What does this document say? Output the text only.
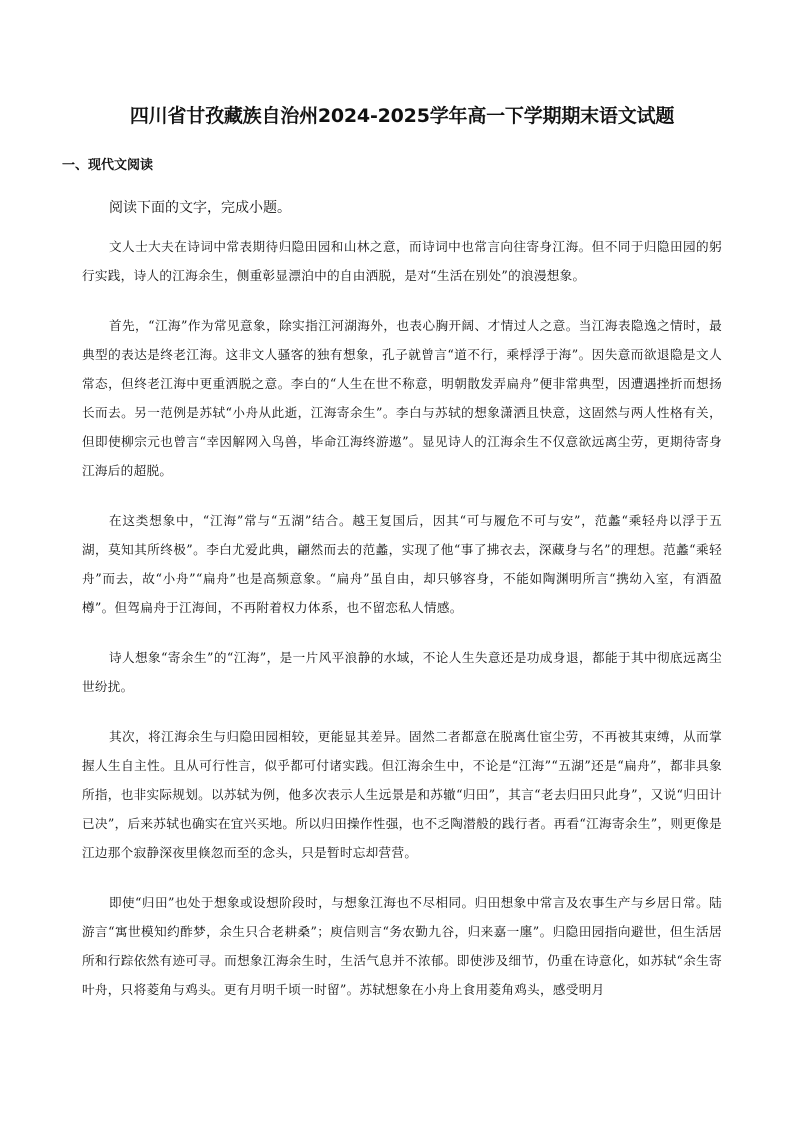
四川省甘孜藏族自治州2024-2025学年高一下学期期末语文试题
一、现代文阅读
阅读下面的文字，完成小题。

文人士大夫在诗词中常表期待归隐田园和山林之意，而诗词中也常言向往寄身江海。但不同于归隐田园的躬行实践，诗人的江海余生，侧重彰显漂泊中的自由洒脱，是对“生活在别处”的浪漫想象。

首先，“江海”作为常见意象，除实指江河湖海外，也表心胸开阔、才情过人之意。当江海表隐逸之情时，最典型的表达是终老江海。这非文人骚客的独有想象，孔子就曾言“道不行，乘桴浮于海”。因失意而欲退隐是文人常态，但终老江海中更重洒脱之意。李白的“人生在世不称意，明朝散发弄扁舟”便非常典型，因遭遇挫折而想扬长而去。另一范例是苏轼“小舟从此逝，江海寄余生”。李白与苏轼的想象潇洒且快意，这固然与两人性格有关，但即使柳宗元也曾言“幸因解网入鸟兽，毕命江海终游遨”。显见诗人的江海余生不仅意欲远离尘劳，更期待寄身江海后的超脱。

在这类想象中，“江海”常与“五湖”结合。越王复国后，因其“可与履危不可与安”，范蠡“乘轻舟以浮于五湖，莫知其所终极”。李白尤爱此典，翩然而去的范蠡，实现了他“事了拂衣去，深藏身与名”的理想。范蠡“乘轻舟”而去，故“小舟”“扁舟”也是高频意象。“扁舟”虽自由，却只够容身，不能如陶渊明所言“携幼入室，有酒盈樽”。但驾扁舟于江海间，不再附着权力体系，也不留恋私人情感。

诗人想象“寄余生”的“江海”，是一片风平浪静的水域，不论人生失意还是功成身退，都能于其中彻底远离尘世纷扰。

其次，将江海余生与归隐田园相较，更能显其差异。固然二者都意在脱离仕宦尘劳，不再被其束缚，从而掌握人生自主性。且从可行性言，似乎都可付诸实践。但江海余生中，不论是“江海”“五湖”还是“扁舟”，都非具象所指，也非实际规划。以苏轼为例，他多次表示人生远景是和苏辙“归田”，其言“老去归田只此身”，又说“归田计已决”，后来苏轼也确实在宜兴买地。所以归田操作性强，也不乏陶潜般的践行者。再看“江海寄余生”，则更像是江边那个寂静深夜里倏忽而至的念头，只是暂时忘却营营。

即使“归田”也处于想象或设想阶段时，与想象江海也不尽相同。归田想象中常言及农事生产与乡居日常。陆游言“寓世模知约酢梦，余生只合老耕桑”；庾信则言“务农勤九谷，归来嘉一廛”。归隐田园指向避世，但生活居所和行踪依然有迹可寻。而想象江海余生时，生活气息并不浓郁。即使涉及细节，仍重在诗意化，如苏轼“余生寄叶舟，只将菱角与鸡头。更有月明千顷一时留”。苏轼想象在小舟上食用菱角鸡头，感受明月
